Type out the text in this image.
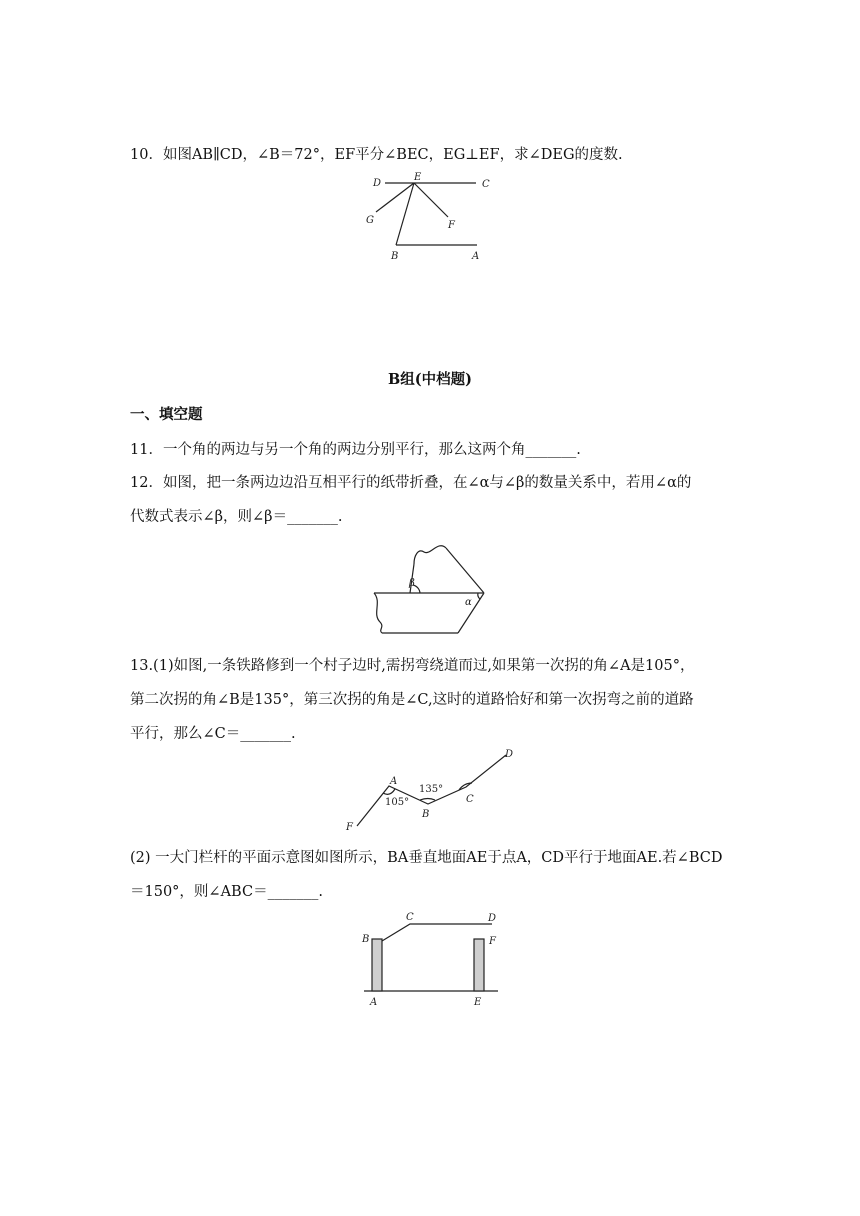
10．如图AB∥CD，∠B＝72°，EF平分∠BEC，EG⊥EF，求∠DEG的度数.
D
E
C
G	F
B	A
B组(中档题)
一、填空题
11．一个角的两边与另一个角的两边分别平行，那么这两个角_______.
12．如图，把一条两边边沿互相平行的纸带折叠，在∠α与∠β的数量关系中，若用∠α的
代数式表示∠β，则∠β＝_______.
β
α
13.(1)如图,一条铁路修到一个村子边时,需拐弯绕道而过,如果第一次拐的角∠A是105°，
第二次拐的角∠B是135°，第三次拐的角是∠C,这时的道路恰好和第一次拐弯之前的道路
平行，那么∠C＝_______.
F
A
B
C
D
105°
135°
(2) 一大门栏杆的平面示意图如图所示，BA垂直地面AE于点A，CD平行于地面AE.若∠BCD
＝150°，则∠ABC＝_______.
B
C	D
F
A	E
